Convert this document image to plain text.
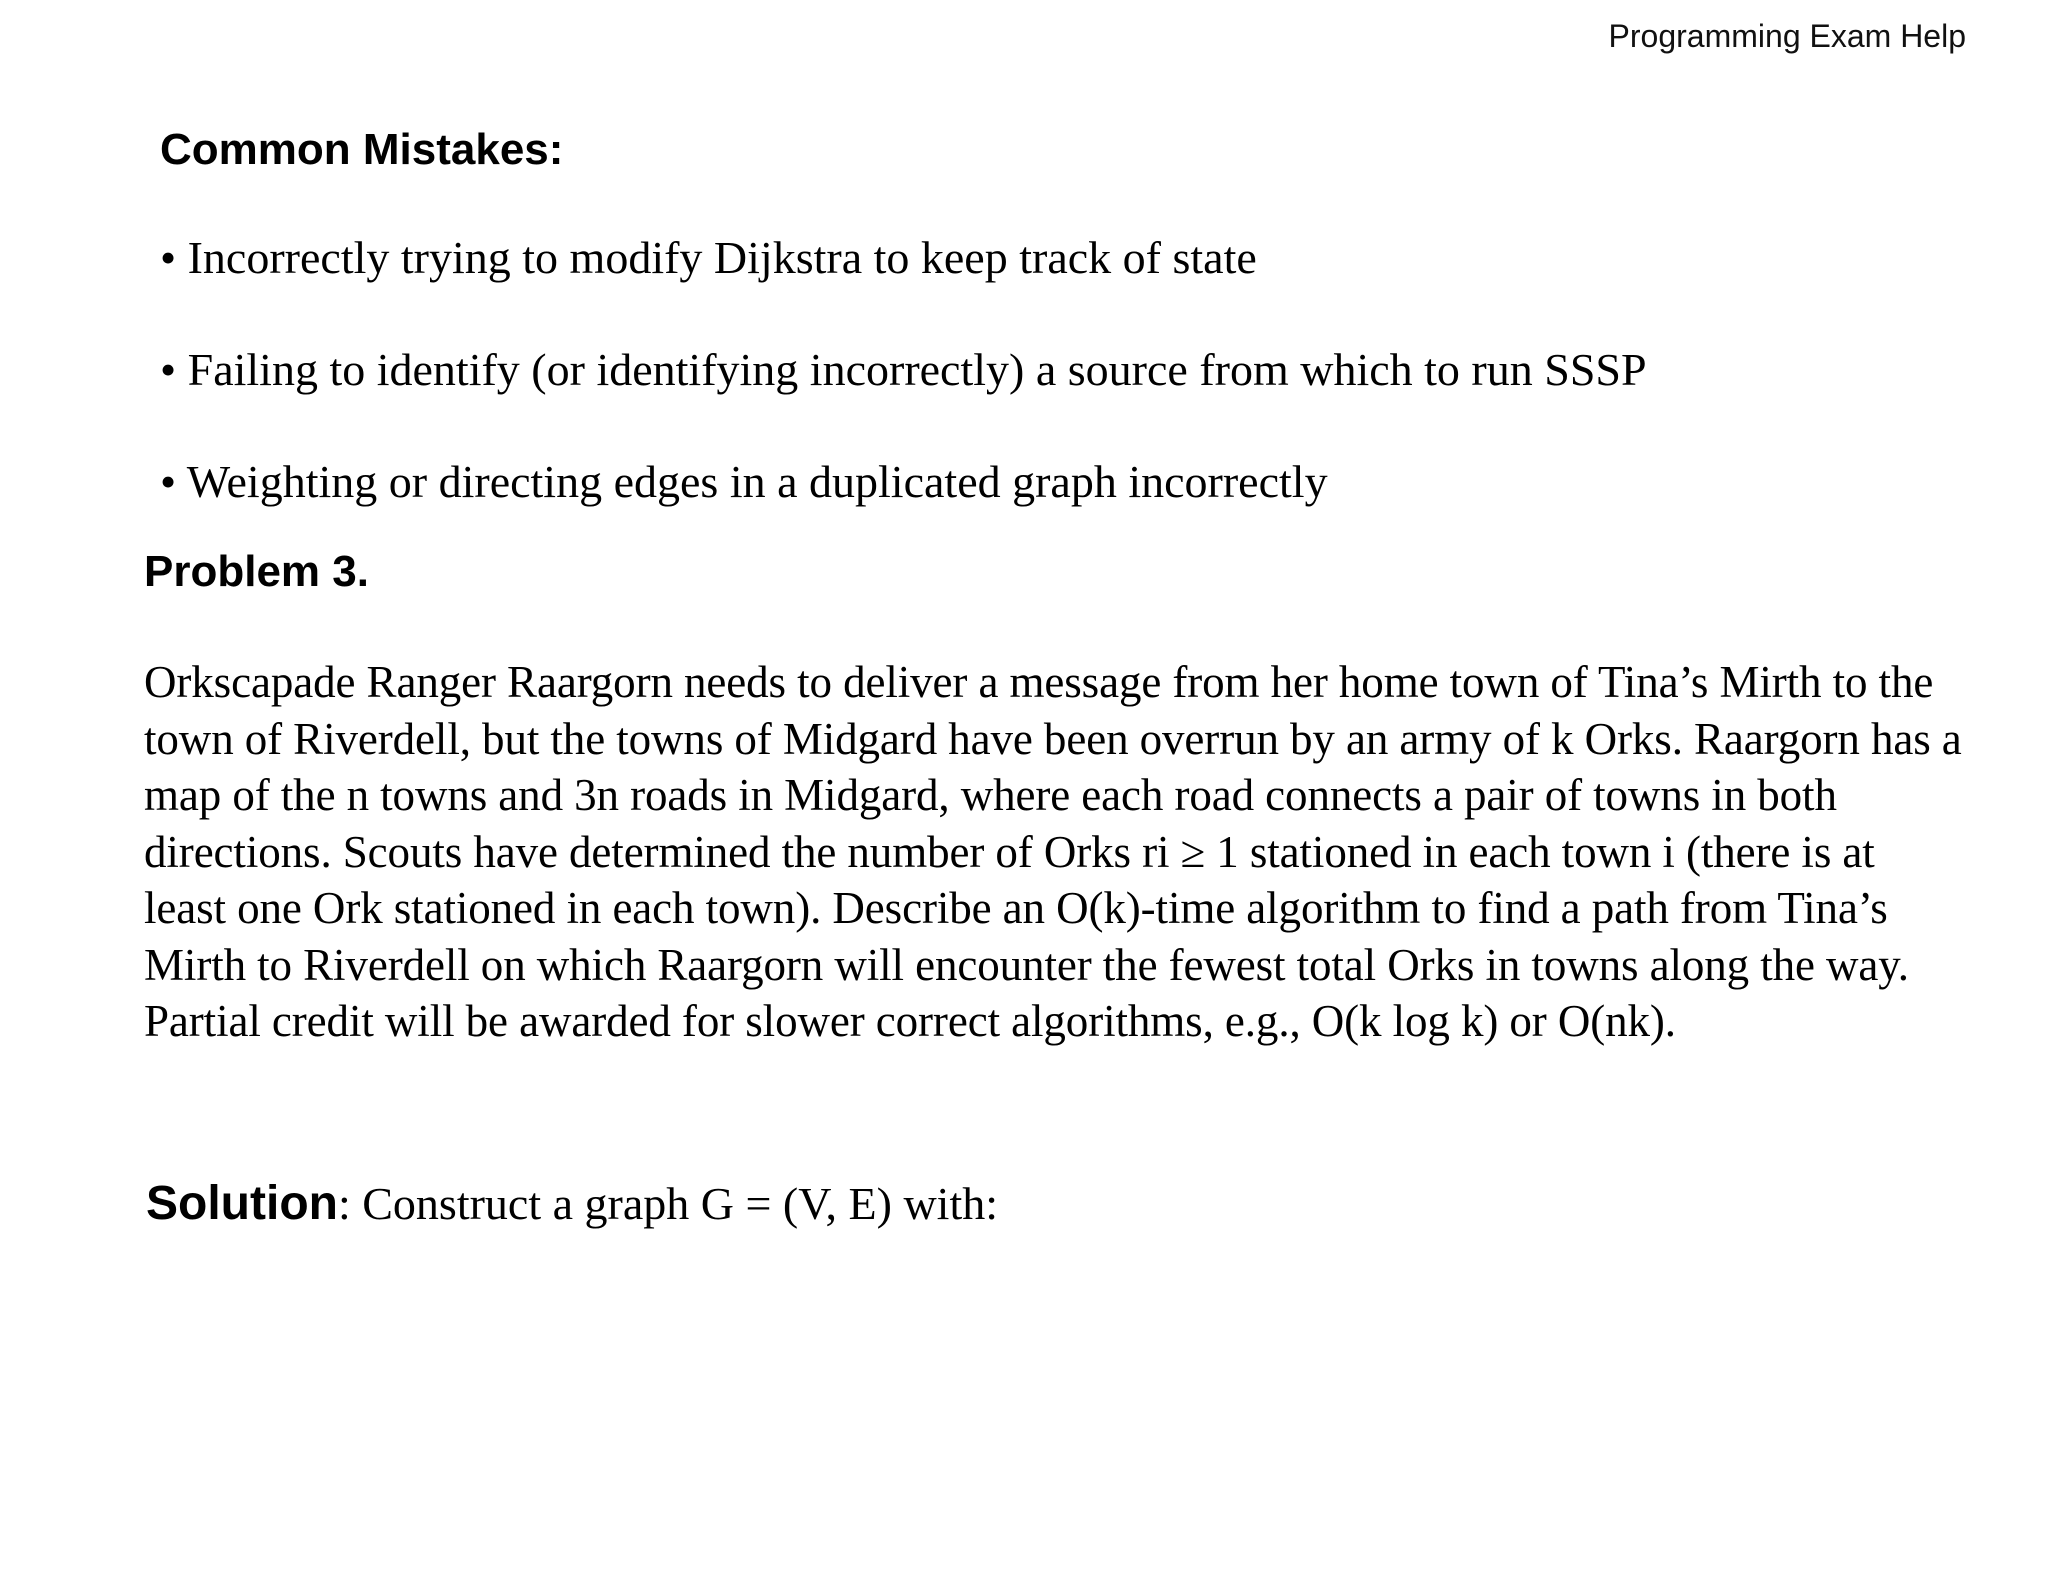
Programming Exam Help
Common Mistakes:
• Incorrectly trying to modify Dijkstra to keep track of state
• Failing to identify (or identifying incorrectly) a source from which to run SSSP
• Weighting or directing edges in a duplicated graph incorrectly
Problem 3.

Orkscapade Ranger Raargorn needs to deliver a message from her home town of Tina’s Mirth to the town of Riverdell, but the towns of Midgard have been overrun by an army of k Orks. Raargorn has a map of the n towns and 3n roads in Midgard, where each road connects a pair of towns in both directions. Scouts have determined the number of Orks ri ≥ 1 stationed in each town i (there is at least one Ork stationed in each town). Describe an O(k)-time algorithm to find a path from Tina’s Mirth to Riverdell on which Raargorn will encounter the fewest total Orks in towns along the way. Partial credit will be awarded for slower correct algorithms, e.g., O(k log k) or O(nk).

Solution: Construct a graph G = (V, E) with:
